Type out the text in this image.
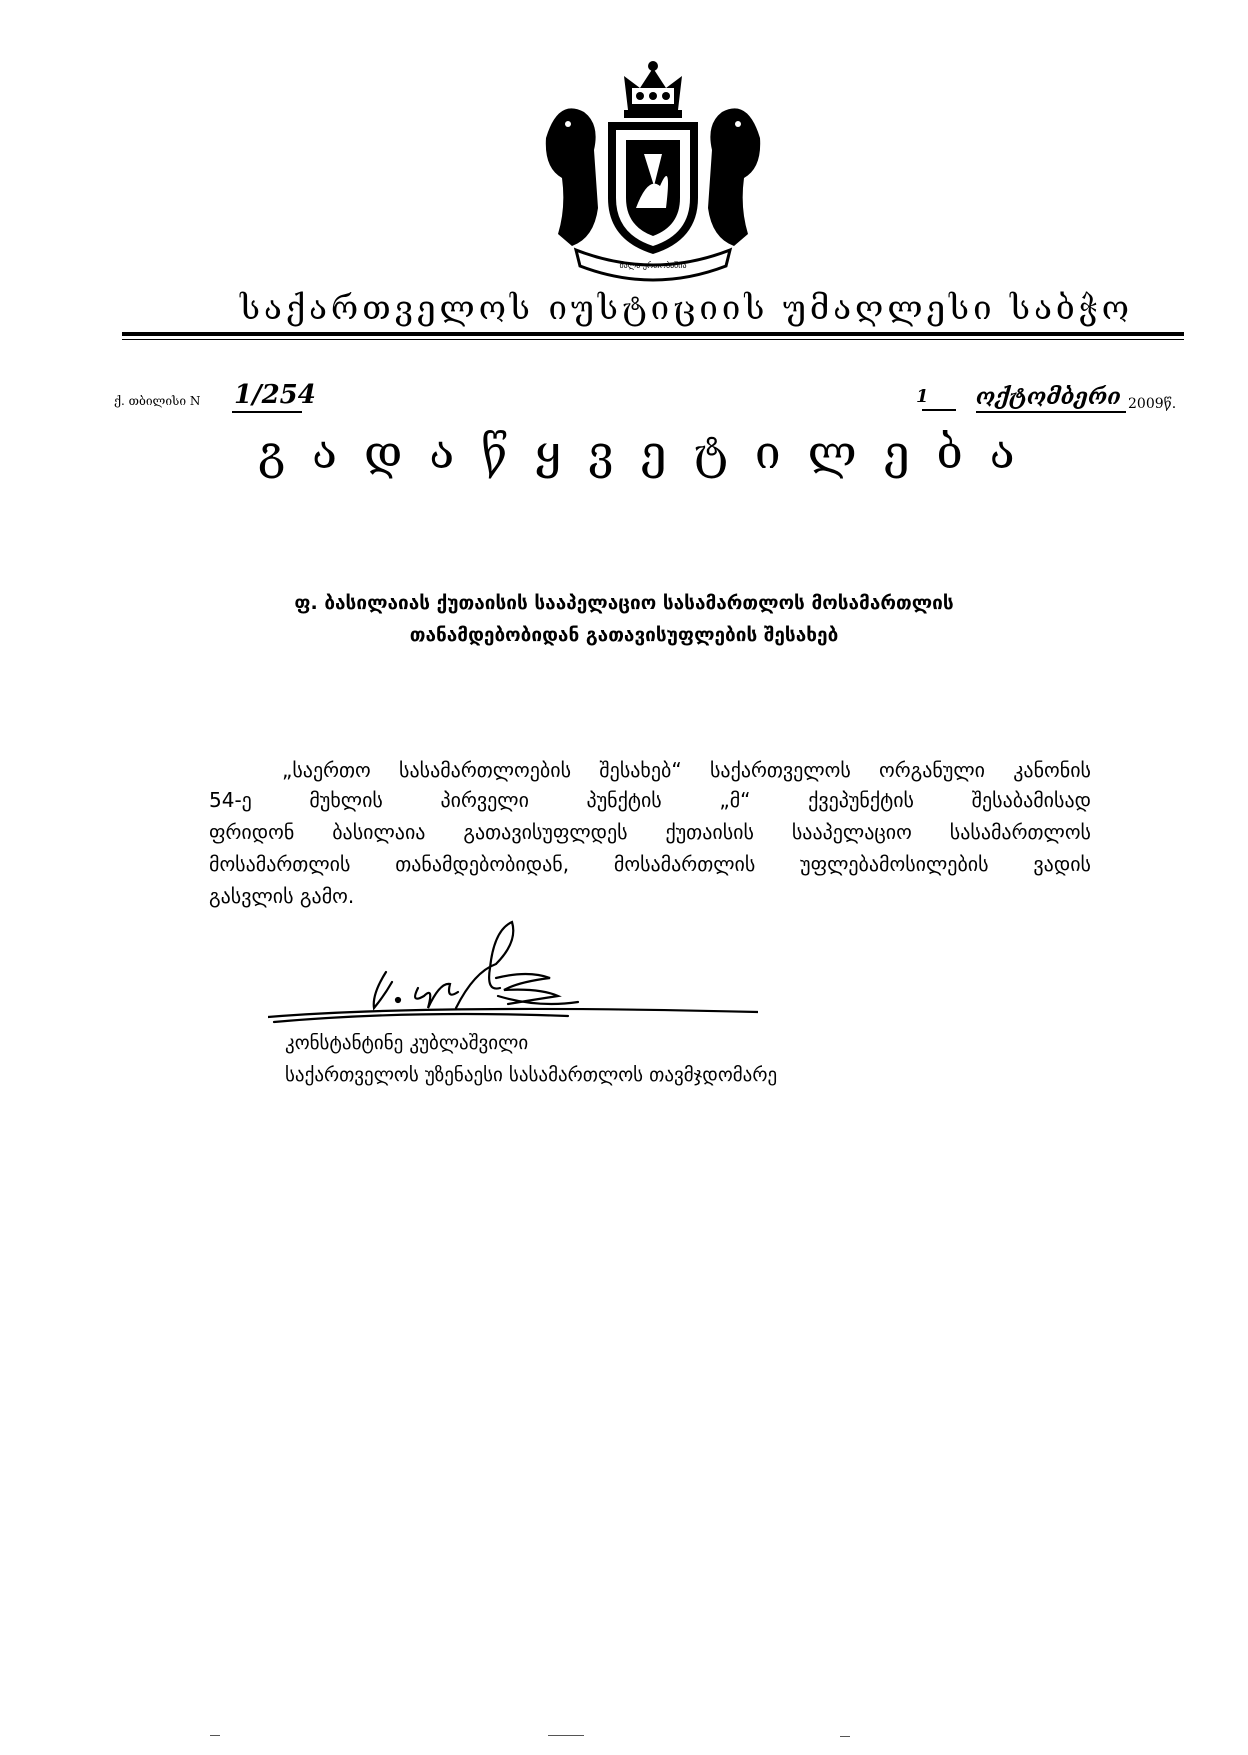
ძალა ერთობაშია
საქართველოს იუსტიციის უმაღლესი საბჭო
ქ. თბილისი N 1/254	1 ოქტომბერი 2009წ.
გადაწყვეტილება
ფ. ბასილაიას ქუთაისის სააპელაციო სასამართლოს მოსამართლის
თანამდებობიდან გათავისუფლების შესახებ
„საერთო სასამართლოების შესახებ“ საქართველოს ორგანული კანონის
54-ე მუხლის პირველი პუნქტის „მ“ ქვეპუნქტის შესაბამისად
ფრიდონ ბასილაია გათავისუფლდეს ქუთაისის სააპელაციო სასამართლოს
მოსამართლის თანამდებობიდან, მოსამართლის უფლებამოსილების ვადის
გასვლის გამო.
კონსტანტინე კუბლაშვილი
საქართველოს უზენაესი სასამართლოს თავმჯდომარე
